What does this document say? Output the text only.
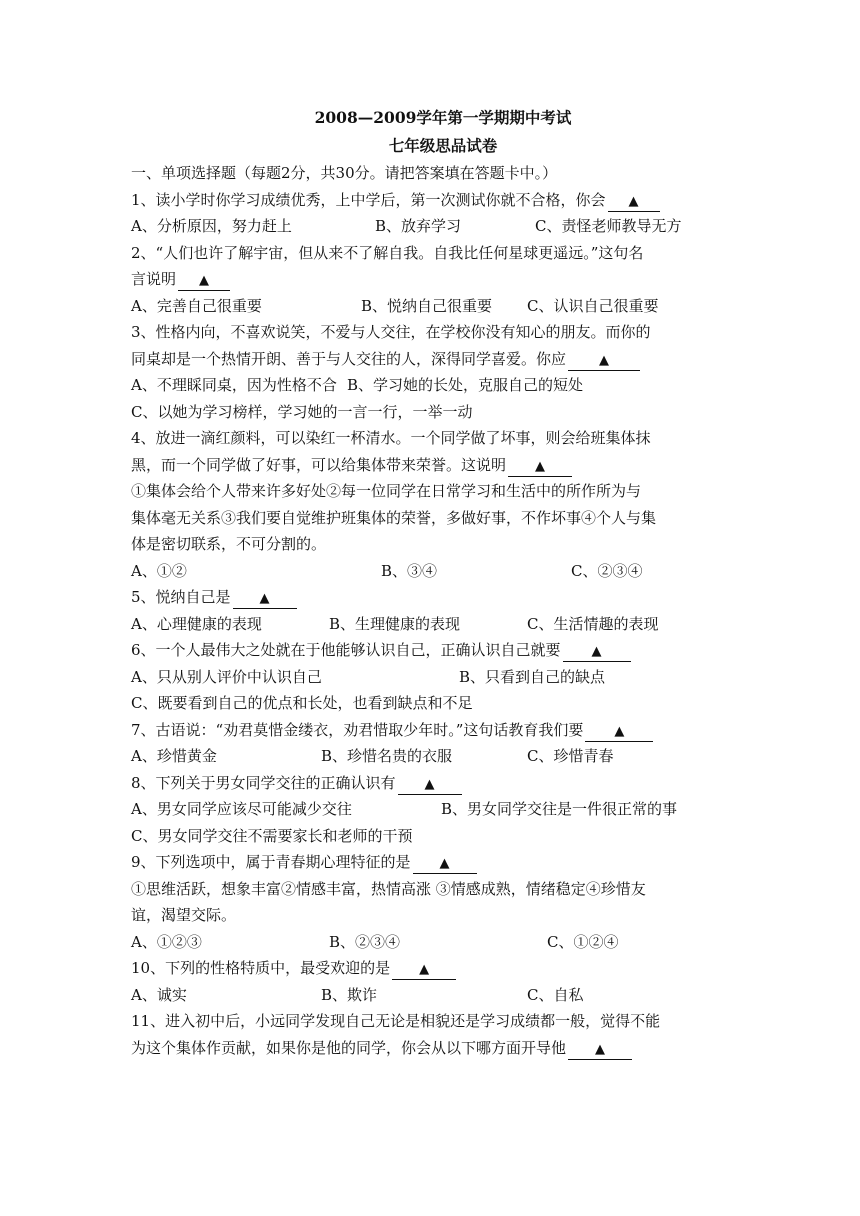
2008—2009学年第一学期期中考试
七年级思品试卷
一、单项选择题（每题2分，共30分。请把答案填在答题卡中。）
1、读小学时你学习成绩优秀，上中学后，第一次测试你就不合格，你会 ▲
A、分析原因，努力赶上	B、放弃学习	C、责怪老师教导无方
2、“人们也许了解宇宙，但从来不了解自我。自我比任何星球更遥远。”这句名
言说明 ▲
A、完善自己很重要	B、悦纳自己很重要 C、认识自己很重要
3、性格内向，不喜欢说笑，不爱与人交往，在学校你没有知心的朋友。而你的
同桌却是一个热情开朗、善于与人交往的人，深得同学喜爱。你应	▲
A、不理睬同桌，因为性格不合 B、学习她的长处，克服自己的短处
C、以她为学习榜样，学习她的一言一行，一举一动
4、放进一滴红颜料，可以染红一杯清水。一个同学做了坏事，则会给班集体抹
黑，而一个同学做了好事，可以给集体带来荣誉。这说明 ▲
①集体会给个人带来许多好处②每一位同学在日常学习和生活中的所作所为与
集体毫无关系③我们要自觉维护班集体的荣誉，多做好事，不作坏事④个人与集
体是密切联系，不可分割的。
A、①②	B、③④	C、②③④
5、悦纳自己是 ▲
A、心理健康的表现	B、生理健康的表现	C、生活情趣的表现
6、一个人最伟大之处就在于他能够认识自己，正确认识自己就要 ▲
A、只从别人评价中认识自己	B、只看到自己的缺点
C、既要看到自己的优点和长处，也看到缺点和不足
7、古语说：“劝君莫惜金缕衣，劝君惜取少年时。”这句话教育我们要 ▲
A、珍惜黄金	B、珍惜名贵的衣服	C、珍惜青春
8、下列关于男女同学交往的正确认识有 ▲
A、男女同学应该尽可能减少交往	B、男女同学交往是一件很正常的事
C、男女同学交往不需要家长和老师的干预
9、下列选项中，属于青春期心理特征的是 ▲
①思维活跃，想象丰富②情感丰富，热情高涨 ③情感成熟，情绪稳定④珍惜友
谊，渴望交际。
A、①②③	B、②③④	C、①②④
10、下列的性格特质中，最受欢迎的是 ▲
A、诚实	B、欺诈	C、自私
11、进入初中后，小远同学发现自己无论是相貌还是学习成绩都一般，觉得不能
为这个集体作贡献，如果你是他的同学，你会从以下哪方面开导他 ▲
